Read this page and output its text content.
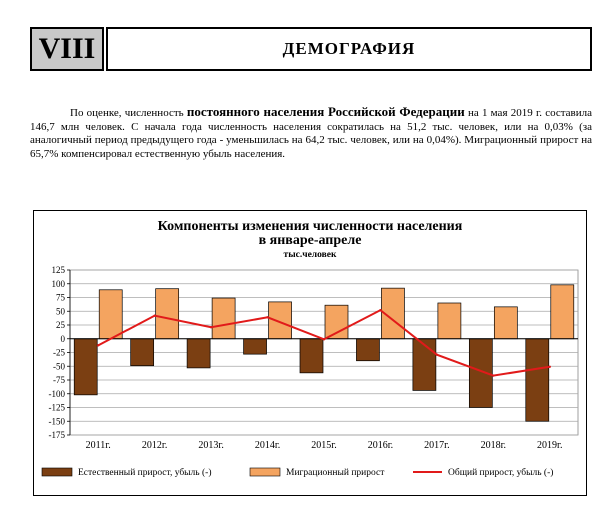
VIII	ДЕМОГРАФИЯ
По оценке, численность постоянного населения Российской Федерации на 1 мая 2019 г. составила 146,7 млн человек. С начала года численность населения сократилась на 51,2 тыс. человек, или на 0,03% (за аналогичный период предыдущего года - уменьшилась на 64,2 тыс. человек, или на 0,04%). Миграционный прирост на 65,7% компенсировал естественную убыль населения.
Компоненты изменения численности населения
в январе-апреле
тыс.человек
125
100
75
50
25
0
-25
-50
-75
-100
-125
-150
-175
2011г.	2012г.	2013г.	2014г.	2015г.	2016г.	2017г.	2018г.	2019г.
Естественный прирост, убыль (-)	Миграционный прирост	Общий прирост, убыль (-)
